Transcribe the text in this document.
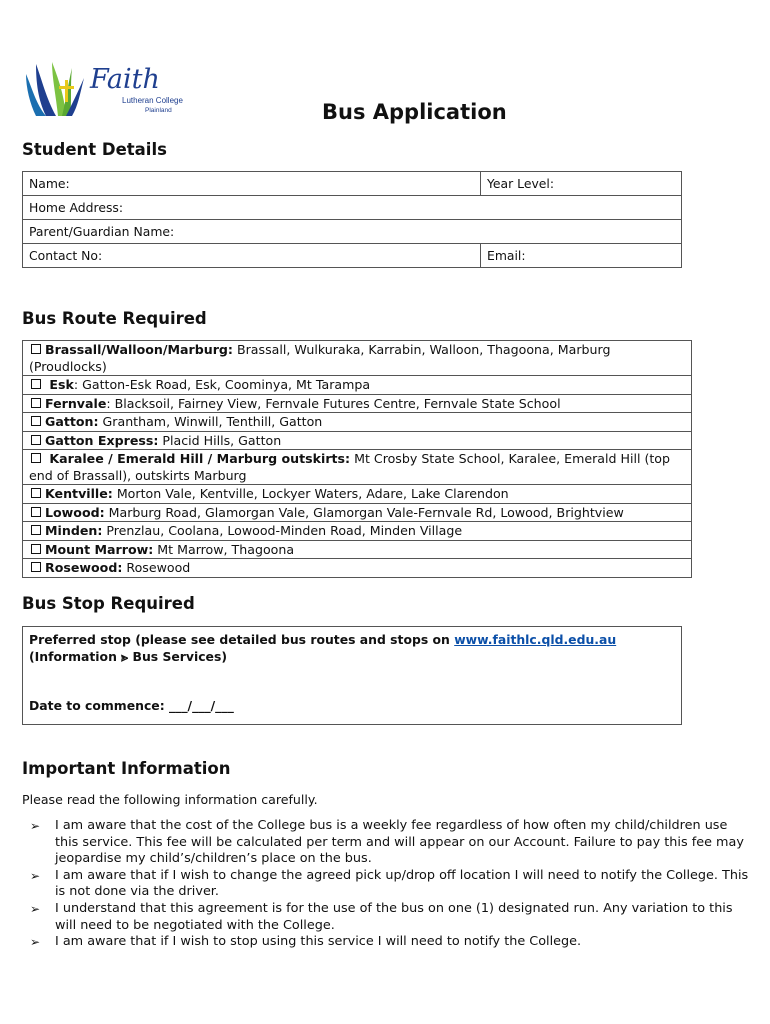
Faith
Lutheran College
Plainland	Bus Application
Student Details
Name:	Year Level:
Home Address:	
Parent/Guardian Name:	
Contact No:	Email:
Bus Route Required
Brassall/Walloon/Marburg: Brassall, Wulkuraka, Karrabin, Walloon, Thagoona, Marburg (Proudlocks)
Esk: Gatton-Esk Road, Esk, Coominya, Mt Tarampa
Fernvale: Blacksoil, Fairney View, Fernvale Futures Centre, Fernvale State School
Gatton: Grantham, Winwill, Tenthill, Gatton
Gatton Express: Placid Hills, Gatton
Karalee / Emerald Hill / Marburg outskirts: Mt Crosby State School, Karalee, Emerald Hill (top end of Brassall), outskirts Marburg
Kentville: Morton Vale, Kentville, Lockyer Waters, Adare, Lake Clarendon
Lowood: Marburg Road, Glamorgan Vale, Glamorgan Vale-Fernvale Rd, Lowood, Brightview
Minden: Prenzlau, Coolana, Lowood-Minden Road, Minden Village
Mount Marrow: Mt Marrow, Thagoona
Rosewood: Rosewood
Bus Stop Required
Preferred stop (please see detailed bus routes and stops on www.faithlc.qld.edu.au
(Information ⪢ Bus Services)
Date to commence: ___/___/___
Important Information
Please read the following information carefully.
➢ I am aware that the cost of the College bus is a weekly fee regardless of how often my child/children use this service. This fee will be calculated per term and will appear on our Account. Failure to pay this fee may jeopardise my child’s/children’s place on the bus.
➢ I am aware that if I wish to change the agreed pick up/drop off location I will need to notify the College. This is not done via the driver.
➢ I understand that this agreement is for the use of the bus on one (1) designated run. Any variation to this will need to be negotiated with the College.
➢ I am aware that if I wish to stop using this service I will need to notify the College.
